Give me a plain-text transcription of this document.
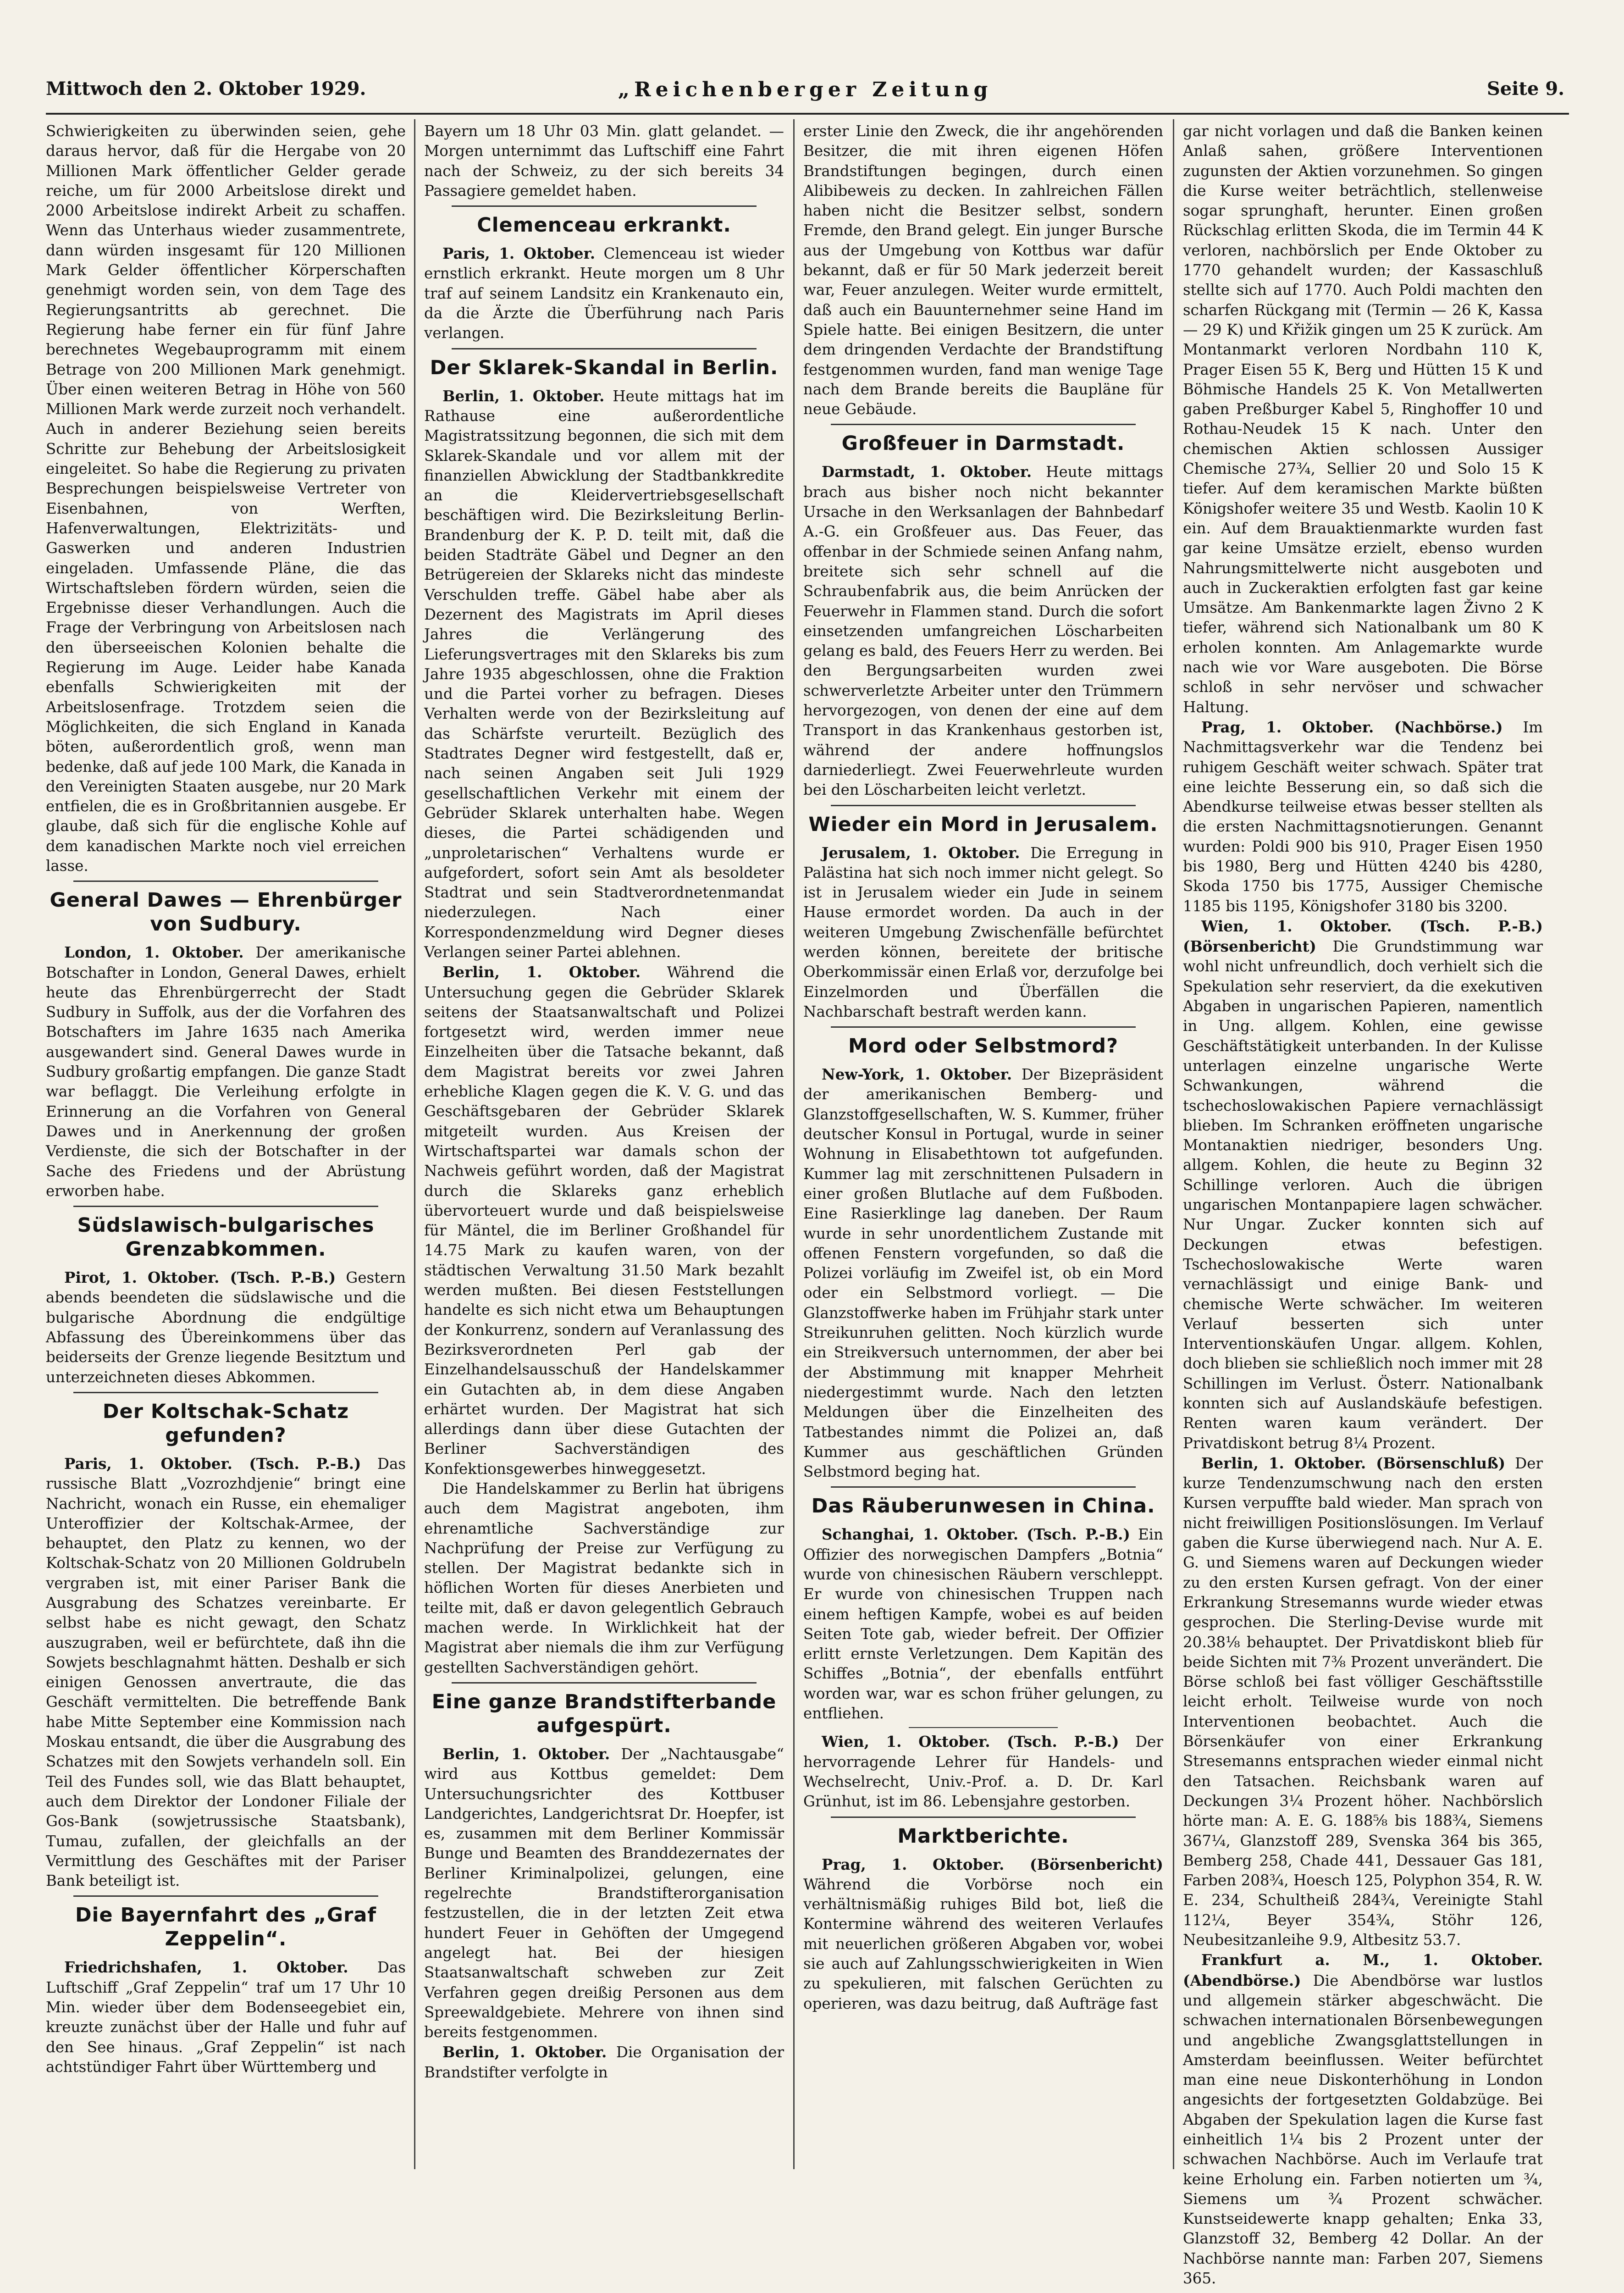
Mittwoch den 2. Oktober 1929.	„Reichenberger Zeitung	Seite 9.

Schwierigkeiten zu überwinden seien, gehe daraus hervor, daß für die Hergabe von 20 Millionen Mark öffentlicher Gelder gerade reiche, um für 2000 Arbeitslose direkt und 2000 Arbeitslose indirekt Arbeit zu schaffen. Wenn das Unterhaus wieder zusammentrete, dann würden insgesamt für 120 Millionen Mark Gelder öffentlicher Körperschaften genehmigt worden sein, von dem Tage des Regierungsantritts ab gerechnet. Die Regierung habe ferner ein für fünf Jahre berechnetes Wegebauprogramm mit einem Betrage von 200 Millionen Mark genehmigt. Über einen weiteren Betrag in Höhe von 560 Millionen Mark werde zurzeit noch verhandelt. Auch in anderer Beziehung seien bereits Schritte zur Behebung der Arbeitslosigkeit eingeleitet. So habe die Regierung zu privaten Besprechungen beispielsweise Vertreter von Eisenbahnen, von Werften, Hafenverwaltungen, Elektrizitäts- und Gaswerken und anderen Industrien eingeladen. Umfassende Pläne, die das Wirtschaftsleben fördern würden, seien die Ergebnisse dieser Verhandlungen. Auch die Frage der Verbringung von Arbeitslosen nach den überseeischen Kolonien behalte die Regierung im Auge. Leider habe Kanada ebenfalls Schwierigkeiten mit der Arbeitslosenfrage. Trotzdem seien die Möglichkeiten, die sich England in Kanada böten, außerordentlich groß, wenn man bedenke, daß auf jede 100 Mark, die Kanada in den Vereinigten Staaten ausgebe, nur 20 Mark entfielen, die es in Großbritannien ausgebe. Er glaube, daß sich für die englische Kohle auf dem kanadischen Markte noch viel erreichen lasse.

General Dawes — Ehrenbürger von Sudbury.

London, 1. Oktober. Der amerikanische Botschafter in London, General Dawes, erhielt heute das Ehrenbürgerrecht der Stadt Sudbury in Suffolk, aus der die Vorfahren des Botschafters im Jahre 1635 nach Amerika ausgewandert sind. General Dawes wurde in Sudbury großartig empfangen. Die ganze Stadt war beflaggt. Die Verleihung erfolgte in Erinnerung an die Vorfahren von General Dawes und in Anerkennung der großen Verdienste, die sich der Botschafter in der Sache des Friedens und der Abrüstung erworben habe.

Südslawisch-bulgarisches Grenzabkommen.

Pirot, 1. Oktober. (Tsch. P.-B.) Gestern abends beendeten die südslawische und die bulgarische Abordnung die endgültige Abfassung des Übereinkommens über das beiderseits der Grenze liegende Besitztum und unterzeichneten dieses Abkommen.

Der Koltschak-Schatz gefunden?

Paris, 1. Oktober. (Tsch. P.-B.) Das russische Blatt „Vozrozhdjenie“ bringt eine Nachricht, wonach ein Russe, ein ehemaliger Unteroffizier der Koltschak-Armee, der behauptet, den Platz zu kennen, wo der Koltschak-Schatz von 20 Millionen Goldrubeln vergraben ist, mit einer Pariser Bank die Ausgrabung des Schatzes vereinbarte. Er selbst habe es nicht gewagt, den Schatz auszugraben, weil er befürchtete, daß ihn die Sowjets beschlagnahmt hätten. Deshalb er sich einigen Genossen anvertraute, die das Geschäft vermittelten. Die betreffende Bank habe Mitte September eine Kommission nach Moskau entsandt, die über die Ausgrabung des Schatzes mit den Sowjets verhandeln soll. Ein Teil des Fundes soll, wie das Blatt behauptet, auch dem Direktor der Londoner Filiale der Gos-Bank (sowjetrussische Staatsbank), Tumau, zufallen, der gleichfalls an der Vermittlung des Geschäftes mit der Pariser Bank beteiligt ist.

Die Bayernfahrt des „Graf Zeppelin“.

Friedrichshafen, 1. Oktober. Das Luftschiff „Graf Zeppelin“ traf um 17 Uhr 10 Min. wieder über dem Bodenseegebiet ein, kreuzte zunächst über der Halle und fuhr auf den See hinaus. „Graf Zeppelin“ ist nach achtstündiger Fahrt über Württemberg und

Bayern um 18 Uhr 03 Min. glatt gelandet. — Morgen unternimmt das Luftschiff eine Fahrt nach der Schweiz, zu der sich bereits 34 Passagiere gemeldet haben.

Clemenceau erkrankt.

Paris, 1. Oktober. Clemenceau ist wieder ernstlich erkrankt. Heute morgen um 8 Uhr traf auf seinem Landsitz ein Krankenauto ein, da die Ärzte die Überführung nach Paris verlangen.

Der Sklarek-Skandal in Berlin.

Berlin, 1. Oktober. Heute mittags hat im Rathause eine außerordentliche Magistratssitzung begonnen, die sich mit dem Sklarek-Skandale und vor allem mit der finanziellen Abwicklung der Stadtbankkredite an die Kleidervertriebsgesellschaft beschäftigen wird. Die Bezirksleitung Berlin-Brandenburg der K. P. D. teilt mit, daß die beiden Stadträte Gäbel und Degner an den Betrügereien der Sklareks nicht das mindeste Verschulden treffe. Gäbel habe aber als Dezernent des Magistrats im April dieses Jahres die Verlängerung des Lieferungsvertrages mit den Sklareks bis zum Jahre 1935 abgeschlossen, ohne die Fraktion und die Partei vorher zu befragen. Dieses Verhalten werde von der Bezirksleitung auf das Schärfste verurteilt. Bezüglich des Stadtrates Degner wird festgestellt, daß er, nach seinen Angaben seit Juli 1929 gesellschaftlichen Verkehr mit einem der Gebrüder Sklarek unterhalten habe. Wegen dieses, die Partei schädigenden und „unproletarischen“ Verhaltens wurde er aufgefordert, sofort sein Amt als besoldeter Stadtrat und sein Stadtverordnetenmandat niederzulegen. Nach einer Korrespondenzmeldung wird Degner dieses Verlangen seiner Partei ablehnen.

Berlin, 1. Oktober. Während die Untersuchung gegen die Gebrüder Sklarek seitens der Staatsanwaltschaft und Polizei fortgesetzt wird, werden immer neue Einzelheiten über die Tatsache bekannt, daß dem Magistrat bereits vor zwei Jahren erhebliche Klagen gegen die K. V. G. und das Geschäftsgebaren der Gebrüder Sklarek mitgeteilt wurden. Aus Kreisen der Wirtschaftspartei war damals schon der Nachweis geführt worden, daß der Magistrat durch die Sklareks ganz erheblich übervorteuert wurde und daß beispielsweise für Mäntel, die im Berliner Großhandel für 14.75 Mark zu kaufen waren, von der städtischen Verwaltung 31.50 Mark bezahlt werden mußten. Bei diesen Feststellungen handelte es sich nicht etwa um Behauptungen der Konkurrenz, sondern auf Veranlassung des Bezirksverordneten Perl gab der Einzelhandelsausschuß der Handelskammer ein Gutachten ab, in dem diese Angaben erhärtet wurden. Der Magistrat hat sich allerdings dann über diese Gutachten der Berliner Sachverständigen des Konfektionsgewerbes hinweggesetzt.

Die Handelskammer zu Berlin hat übrigens auch dem Magistrat angeboten, ihm ehrenamtliche Sachverständige zur Nachprüfung der Preise zur Verfügung zu stellen. Der Magistrat bedankte sich in höflichen Worten für dieses Anerbieten und teilte mit, daß er davon gelegentlich Gebrauch machen werde. In Wirklichkeit hat der Magistrat aber niemals die ihm zur Verfügung gestellten Sachverständigen gehört.

Eine ganze Brandstifterbande aufgespürt.

Berlin, 1. Oktober. Der „Nachtausgabe“ wird aus Kottbus gemeldet: Dem Untersuchungsrichter des Kottbuser Landgerichtes, Landgerichtsrat Dr. Hoepfer, ist es, zusammen mit dem Berliner Kommissär Bunge und Beamten des Branddezernates der Berliner Kriminalpolizei, gelungen, eine regelrechte Brandstifterorganisation festzustellen, die in der letzten Zeit etwa hundert Feuer in Gehöften der Umgegend angelegt hat. Bei der hiesigen Staatsanwaltschaft schweben zur Zeit Verfahren gegen dreißig Personen aus dem Spreewaldgebiete. Mehrere von ihnen sind bereits festgenommen.

Berlin, 1. Oktober. Die Organisation der Brandstifter verfolgte in

erster Linie den Zweck, die ihr angehörenden Besitzer, die mit ihren eigenen Höfen Brandstiftungen begingen, durch einen Alibibeweis zu decken. In zahlreichen Fällen haben nicht die Besitzer selbst, sondern Fremde, den Brand gelegt. Ein junger Bursche aus der Umgebung von Kottbus war dafür bekannt, daß er für 50 Mark jederzeit bereit war, Feuer anzulegen. Weiter wurde ermittelt, daß auch ein Bauunternehmer seine Hand im Spiele hatte. Bei einigen Besitzern, die unter dem dringenden Verdachte der Brandstiftung festgenommen wurden, fand man wenige Tage nach dem Brande bereits die Baupläne für neue Gebäude.

Großfeuer in Darmstadt.

Darmstadt, 1. Oktober. Heute mittags brach aus bisher noch nicht bekannter Ursache in den Werksanlagen der Bahnbedarf A.-G. ein Großfeuer aus. Das Feuer, das offenbar in der Schmiede seinen Anfang nahm, breitete sich sehr schnell auf die Schraubenfabrik aus, die beim Anrücken der Feuerwehr in Flammen stand. Durch die sofort einsetzenden umfangreichen Löscharbeiten gelang es bald, des Feuers Herr zu werden. Bei den Bergungsarbeiten wurden zwei schwerverletzte Arbeiter unter den Trümmern hervorgezogen, von denen der eine auf dem Transport in das Krankenhaus gestorben ist, während der andere hoffnungslos darniederliegt. Zwei Feuerwehrleute wurden bei den Löscharbeiten leicht verletzt.

Wieder ein Mord in Jerusalem.

Jerusalem, 1. Oktober. Die Erregung in Palästina hat sich noch immer nicht gelegt. So ist in Jerusalem wieder ein Jude in seinem Hause ermordet worden. Da auch in der weiteren Umgebung Zwischenfälle befürchtet werden können, bereitete der britische Oberkommissär einen Erlaß vor, derzufolge bei Einzelmorden und Überfällen die Nachbarschaft bestraft werden kann.

Mord oder Selbstmord?

New-York, 1. Oktober. Der Bizepräsident der amerikanischen Bemberg- und Glanzstoffgesellschaften, W. S. Kummer, früher deutscher Konsul in Portugal, wurde in seiner Wohnung in Elisabethtown tot aufgefunden. Kummer lag mit zerschnittenen Pulsadern in einer großen Blutlache auf dem Fußboden. Eine Rasierklinge lag daneben. Der Raum wurde in sehr unordentlichem Zustande mit offenen Fenstern vorgefunden, so daß die Polizei vorläufig im Zweifel ist, ob ein Mord oder ein Selbstmord vorliegt. — Die Glanzstoffwerke haben im Frühjahr stark unter Streikunruhen gelitten. Noch kürzlich wurde ein Streikversuch unternommen, der aber bei der Abstimmung mit knapper Mehrheit niedergestimmt wurde. Nach den letzten Meldungen über die Einzelheiten des Tatbestandes nimmt die Polizei an, daß Kummer aus geschäftlichen Gründen Selbstmord beging hat.

Das Räuberunwesen in China.

Schanghai, 1. Oktober. (Tsch. P.-B.) Ein Offizier des norwegischen Dampfers „Botnia“ wurde von chinesischen Räubern verschleppt. Er wurde von chinesischen Truppen nach einem heftigen Kampfe, wobei es auf beiden Seiten Tote gab, wieder befreit. Der Offizier erlitt ernste Verletzungen. Dem Kapitän des Schiffes „Botnia“, der ebenfalls entführt worden war, war es schon früher gelungen, zu entfliehen.

Wien, 1. Oktober. (Tsch. P.-B.) Der hervorragende Lehrer für Handels- und Wechselrecht, Univ.-Prof. a. D. Dr. Karl Grünhut, ist im 86. Lebensjahre gestorben.

Marktberichte.

Prag, 1. Oktober. (Börsenbericht) Während die Vorbörse noch ein verhältnismäßig ruhiges Bild bot, ließ die Kontermine während des weiteren Verlaufes mit neuerlichen größeren Abgaben vor, wobei sie auch auf Zahlungsschwierigkeiten in Wien zu spekulieren, mit falschen Gerüchten zu operieren, was dazu beitrug, daß Aufträge fast

gar nicht vorlagen und daß die Banken keinen Anlaß sahen, größere Interventionen zugunsten der Aktien vorzunehmen. So gingen die Kurse weiter beträchtlich, stellenweise sogar sprunghaft, herunter. Einen großen Rückschlag erlitten Skoda, die im Termin 44 K verloren, nachbörslich per Ende Oktober zu 1770 gehandelt wurden; der Kassaschluß stellte sich auf 1770. Auch Poldi machten den scharfen Rückgang mit (Termin — 26 K, Kassa — 29 K) und Křižik gingen um 25 K zurück. Am Montanmarkt verloren Nordbahn 110 K, Prager Eisen 55 K, Berg und Hütten 15 K und Böhmische Handels 25 K. Von Metallwerten gaben Preßburger Kabel 5, Ringhoffer 10 und Rothau-Neudek 15 K nach. Unter den chemischen Aktien schlossen Aussiger Chemische 27¾, Sellier 20 und Solo 15 K tiefer. Auf dem keramischen Markte büßten Königshofer weitere 35 und Westb. Kaolin 10 K ein. Auf dem Brauaktienmarkte wurden fast gar keine Umsätze erzielt, ebenso wurden Nahrungsmittelwerte nicht ausgeboten und auch in Zuckeraktien erfolgten fast gar keine Umsätze. Am Bankenmarkte lagen Živno 2 K tiefer, während sich Nationalbank um 80 K erholen konnten. Am Anlagemarkte wurde nach wie vor Ware ausgeboten. Die Börse schloß in sehr nervöser und schwacher Haltung.

Prag, 1. Oktober. (Nachbörse.) Im Nachmittagsverkehr war die Tendenz bei ruhigem Geschäft weiter schwach. Später trat eine leichte Besserung ein, so daß sich die Abendkurse teilweise etwas besser stellten als die ersten Nachmittagsnotierungen. Genannt wurden: Poldi 900 bis 910, Prager Eisen 1950 bis 1980, Berg und Hütten 4240 bis 4280, Skoda 1750 bis 1775, Aussiger Chemische 1185 bis 1195, Königshofer 3180 bis 3200.

Wien, 1. Oktober. (Tsch. P.-B.) (Börsenbericht) Die Grundstimmung war wohl nicht unfreundlich, doch verhielt sich die Spekulation sehr reserviert, da die exekutiven Abgaben in ungarischen Papieren, namentlich in Ung. allgem. Kohlen, eine gewisse Geschäftstätigkeit unterbanden. In der Kulisse unterlagen einzelne ungarische Werte Schwankungen, während die tschechoslowakischen Papiere vernachlässigt blieben. Im Schranken eröffneten ungarische Montanaktien niedriger, besonders Ung. allgem. Kohlen, die heute zu Beginn 32 Schillinge verloren. Auch die übrigen ungarischen Montanpapiere lagen schwächer. Nur Ungar. Zucker konnten sich auf Deckungen etwas befestigen. Tschechoslowakische Werte waren vernachlässigt und einige Bank- und chemische Werte schwächer. Im weiteren Verlauf besserten sich unter Interventionskäufen Ungar. allgem. Kohlen, doch blieben sie schließlich noch immer mit 28 Schillingen im Verlust. Österr. Nationalbank konnten sich auf Auslandskäufe befestigen. Renten waren kaum verändert. Der Privatdiskont betrug 8¼ Prozent.

Berlin, 1. Oktober. (Börsenschluß) Der kurze Tendenzumschwung nach den ersten Kursen verpuffte bald wieder. Man sprach von nicht freiwilligen Positionslösungen. Im Verlauf gaben die Kurse überwiegend nach. Nur A. E. G. und Siemens waren auf Deckungen wieder zu den ersten Kursen gefragt. Von der einer Erkrankung Stresemanns wurde wieder etwas gesprochen. Die Sterling-Devise wurde mit 20.38⅛ behauptet. Der Privatdiskont blieb für beide Sichten mit 7⅜ Prozent unverändert. Die Börse schloß bei fast völliger Geschäftsstille leicht erholt. Teilweise wurde von noch Interventionen beobachtet. Auch die Börsenkäufer von einer Erkrankung Stresemanns entsprachen wieder einmal nicht den Tatsachen. Reichsbank waren auf Deckungen 3¼ Prozent höher. Nachbörslich hörte man: A. E. G. 188⅝ bis 188¾, Siemens 367¼, Glanzstoff 289, Svenska 364 bis 365, Bemberg 258, Chade 441, Dessauer Gas 181, Farben 208¾, Hoesch 125, Polyphon 354, R. W. E. 234, Schultheiß 284¾, Vereinigte Stahl 112¼, Beyer 354¾, Stöhr 126, Neubesitzanleihe 9.9, Altbesitz 53.7.

Frankfurt a. M., 1. Oktober. (Abendbörse.) Die Abendbörse war lustlos und allgemein stärker abgeschwächt. Die schwachen internationalen Börsenbewegungen und angebliche Zwangsglattstellungen in Amsterdam beeinflussen. Weiter befürchtet man eine neue Diskonterhöhung in London angesichts der fortgesetzten Goldabzüge. Bei Abgaben der Spekulation lagen die Kurse fast einheitlich 1¼ bis 2 Prozent unter der schwachen Nachbörse. Auch im Verlaufe trat keine Erholung ein. Farben notierten um ¾, Siemens um ¾ Prozent schwächer. Kunstseidewerte knapp gehalten; Enka 33, Glanzstoff 32, Bemberg 42 Dollar. An der Nachbörse nannte man: Farben 207, Siemens 365.
